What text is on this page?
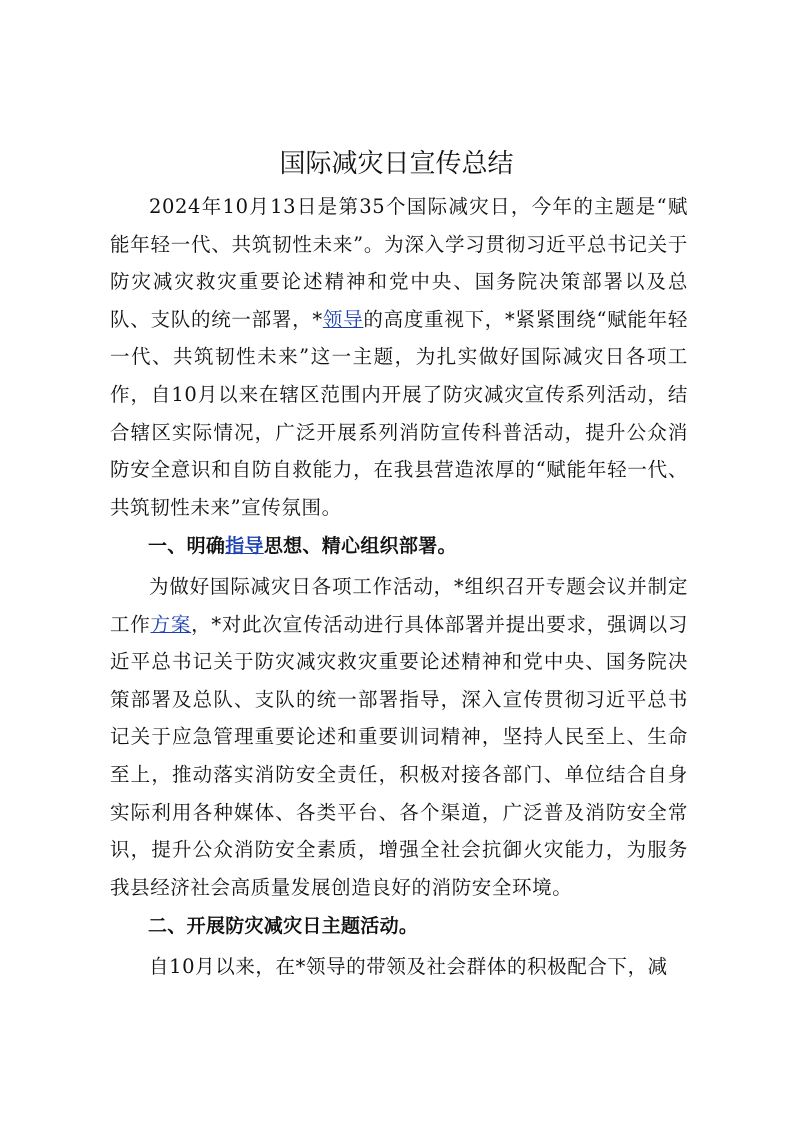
国际减灾日宣传总结

2024年10月13日是第35个国际减灾日，今年的主题是“赋能年轻一代、共筑韧性未来”。为深入学习贯彻习近平总书记关于防灾减灾救灾重要论述精神和党中央、国务院决策部署以及总队、支队的统一部署，*领导的高度重视下，*紧紧围绕“赋能年轻一代、共筑韧性未来”这一主题，为扎实做好国际减灾日各项工作，自10月以来在辖区范围内开展了防灾减灾宣传系列活动，结合辖区实际情况，广泛开展系列消防宣传科普活动，提升公众消防安全意识和自防自救能力，在我县营造浓厚的“赋能年轻一代、共筑韧性未来”宣传氛围。

一、明确指导思想、精心组织部署。

为做好国际减灾日各项工作活动，*组织召开专题会议并制定工作方案，*对此次宣传活动进行具体部署并提出要求，强调以习近平总书记关于防灾减灾救灾重要论述精神和党中央、国务院决策部署及总队、支队的统一部署指导，深入宣传贯彻习近平总书记关于应急管理重要论述和重要训词精神，坚持人民至上、生命至上，推动落实消防安全责任，积极对接各部门、单位结合自身实际利用各种媒体、各类平台、各个渠道，广泛普及消防安全常识，提升公众消防安全素质，增强全社会抗御火灾能力，为服务我县经济社会高质量发展创造良好的消防安全环境。

二、开展防灾减灾日主题活动。

自10月以来，在*领导的带领及社会群体的积极配合下，减
